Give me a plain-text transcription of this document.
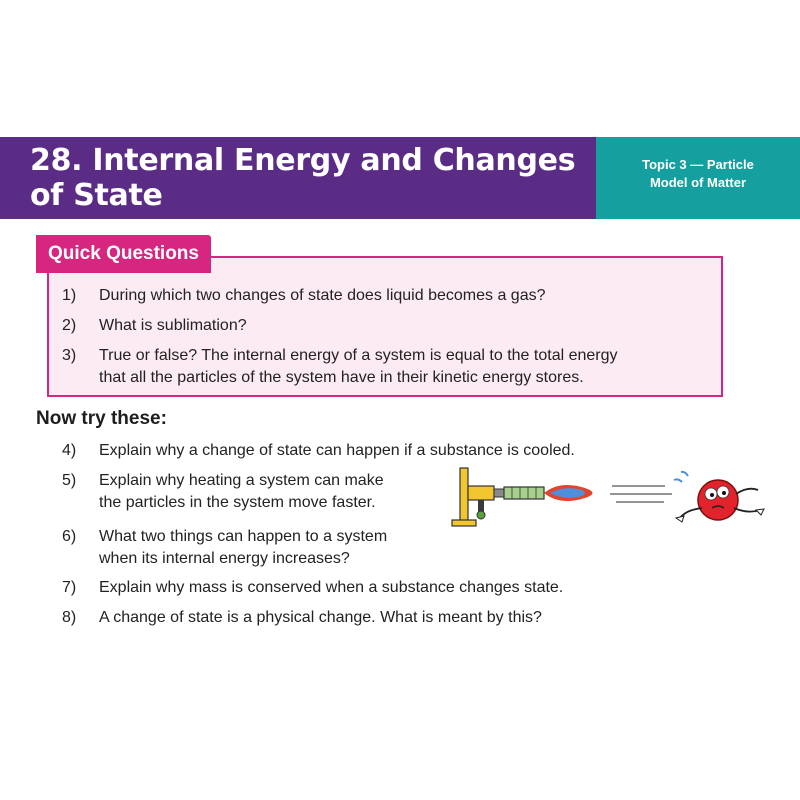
28. Internal Energy and Changes of State
Topic 3 — Particle
Model of Matter
Quick Questions
1)	During which two changes of state does liquid becomes a gas?
2)	What is sublimation?
3)	True or false? The internal energy of a system is equal to the total energy
that all the particles of the system have in their kinetic energy stores.
Now try these:
4)	Explain why a change of state can happen if a substance is cooled.
5)	Explain why heating a system can make
the particles in the system move faster.
6)	What two things can happen to a system
when its internal energy increases?
7)	Explain why mass is conserved when a substance changes state.
8)	A change of state is a physical change. What is meant by this?
